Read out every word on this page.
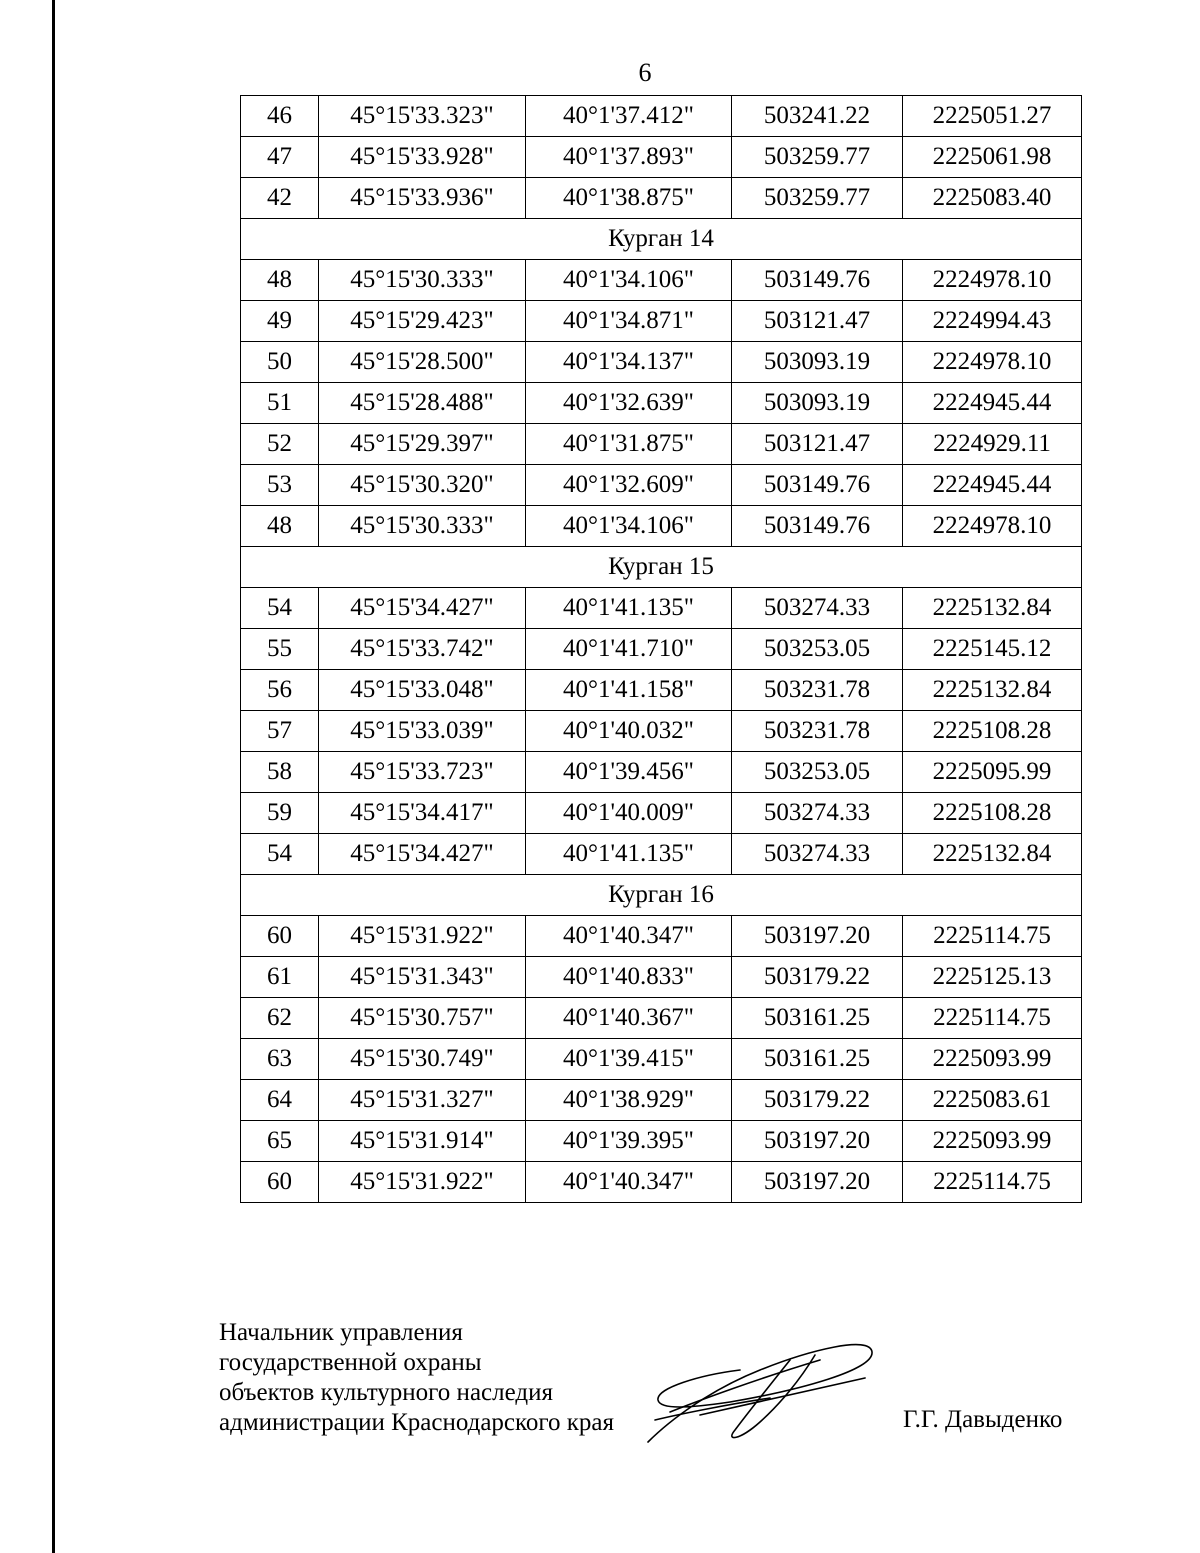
6
46	45°15'33.323"	40°1'37.412"	503241.22	2225051.27
47	45°15'33.928"	40°1'37.893"	503259.77	2225061.98
42	45°15'33.936"	40°1'38.875"	503259.77	2225083.40
Курган 14				
48	45°15'30.333"	40°1'34.106"	503149.76	2224978.10
49	45°15'29.423"	40°1'34.871"	503121.47	2224994.43
50	45°15'28.500"	40°1'34.137"	503093.19	2224978.10
51	45°15'28.488"	40°1'32.639"	503093.19	2224945.44
52	45°15'29.397"	40°1'31.875"	503121.47	2224929.11
53	45°15'30.320"	40°1'32.609"	503149.76	2224945.44
48	45°15'30.333"	40°1'34.106"	503149.76	2224978.10
Курган 15				
54	45°15'34.427"	40°1'41.135"	503274.33	2225132.84
55	45°15'33.742"	40°1'41.710"	503253.05	2225145.12
56	45°15'33.048"	40°1'41.158"	503231.78	2225132.84
57	45°15'33.039"	40°1'40.032"	503231.78	2225108.28
58	45°15'33.723"	40°1'39.456"	503253.05	2225095.99
59	45°15'34.417"	40°1'40.009"	503274.33	2225108.28
54	45°15'34.427"	40°1'41.135"	503274.33	2225132.84
Курган 16				
60	45°15'31.922"	40°1'40.347"	503197.20	2225114.75
61	45°15'31.343"	40°1'40.833"	503179.22	2225125.13
62	45°15'30.757"	40°1'40.367"	503161.25	2225114.75
63	45°15'30.749"	40°1'39.415"	503161.25	2225093.99
64	45°15'31.327"	40°1'38.929"	503179.22	2225083.61
65	45°15'31.914"	40°1'39.395"	503197.20	2225093.99
60	45°15'31.922"	40°1'40.347"	503197.20	2225114.75
Начальник управления
государственной охраны
объектов культурного наследия
администрации Краснодарского края	Г.Г. Давыденко
